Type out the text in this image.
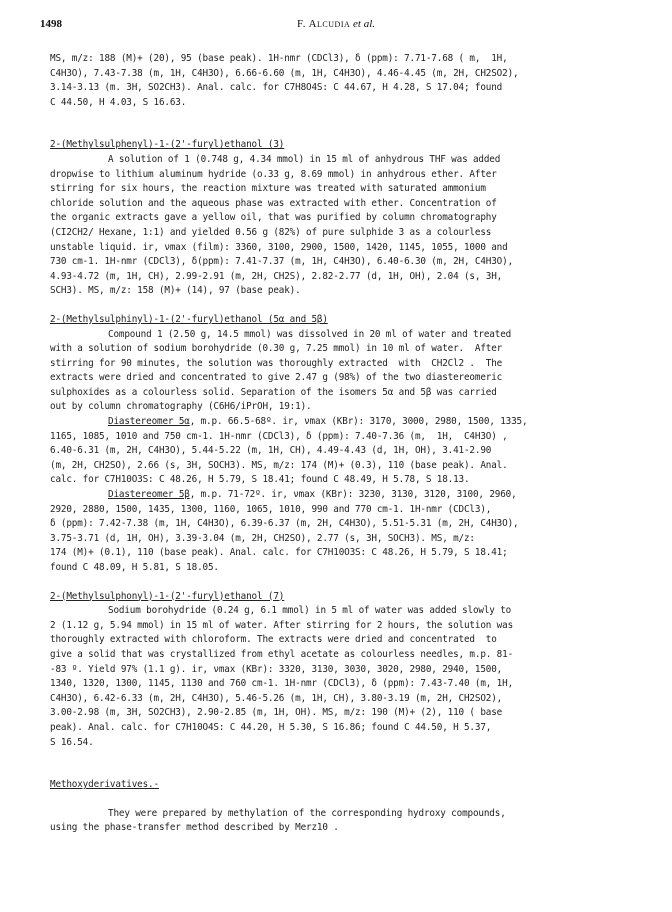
1498	F. Alcudia et al.

MS, m/z: 188 (M)+ (20), 95 (base peak). 1H-nmr (CDCl3), δ (ppm): 7.71-7.68 ( m,  1H,

C4H3O), 7.43-7.38 (m, 1H, C4H3O), 6.66-6.60 (m, 1H, C4H3O), 4.46-4.45 (m, 2H, CH2SO2),

3.14-3.13 (m. 3H, SO2CH3). Anal. calc. for C7H8O4S: C 44.67, H 4.28, S 17.04; found

C 44.50, H 4.03, S 16.63.

2-(Methylsulphenyl)-1-(2'-furyl)ethanol (3)

A solution of 1 (0.748 g, 4.34 mmol) in 15 ml of anhydrous THF was added

dropwise to lithium aluminum hydride (o.33 g, 8.69 mmol) in anhydrous ether. After

stirring for six hours, the reaction mixture was treated with saturated ammonium

chloride solution and the aqueous phase was extracted with ether. Concentration of

the organic extracts gave a yellow oil, that was purified by column chromatography

(CI2CH2/ Hexane, 1:1) and yielded 0.56 g (82%) of pure sulphide 3 as a colourless

unstable liquid. ir, νmax (film): 3360, 3100, 2900, 1500, 1420, 1145, 1055, 1000 and

730 cm-1. 1H-nmr (CDCl3), δ(ppm): 7.41-7.37 (m, 1H, C4H3O), 6.40-6.30 (m, 2H, C4H3O),

4.93-4.72 (m, 1H, CH), 2.99-2.91 (m, 2H, CH2S), 2.82-2.77 (d, 1H, OH), 2.04 (s, 3H,

SCH3). MS, m/z: 158 (M)+ (14), 97 (base peak).

2-(Methylsulphinyl)-1-(2'-furyl)ethanol (5α and 5β)

Compound 1 (2.50 g, 14.5 mmol) was dissolved in 20 ml of water and treated

with a solution of sodium borohydride (0.30 g, 7.25 mmol) in 10 ml of water.  After

stirring for 90 minutes, the solution was thoroughly extracted  with  CH2Cl2 .  The

extracts were dried and concentrated to give 2.47 g (98%) of the two diastereomeric

sulphoxides as a colourless solid. Separation of the isomers 5α and 5β was carried

out by column chromatography (C6H6/iPrOH, 19:1).

Diastereomer 5α, m.p. 66.5-68º. ir, νmax (KBr): 3170, 3000, 2980, 1500, 1335,

1165, 1085, 1010 and 750 cm-1. 1H-nmr (CDCl3), δ (ppm): 7.40-7.36 (m,  1H,  C4H3O) ,

6.40-6.31 (m, 2H, C4H3O), 5.44-5.22 (m, 1H, CH), 4.49-4.43 (d, 1H, OH), 3.41-2.90

(m, 2H, CH2SO), 2.66 (s, 3H, SOCH3). MS, m/z: 174 (M)+ (0.3), 110 (base peak). Anal.

calc. for C7H10O3S: C 48.26, H 5.79, S 18.41; found C 48.49, H 5.78, S 18.13.

Diastereomer 5β, m.p. 71-72º. ir, νmax (KBr): 3230, 3130, 3120, 3100, 2960,

2920, 2880, 1500, 1435, 1300, 1160, 1065, 1010, 990 and 770 cm-1. 1H-nmr (CDCl3),

δ (ppm): 7.42-7.38 (m, 1H, C4H3O), 6.39-6.37 (m, 2H, C4H3O), 5.51-5.31 (m, 2H, C4H3O),

3.75-3.71 (d, 1H, OH), 3.39-3.04 (m, 2H, CH2SO), 2.77 (s, 3H, SOCH3). MS, m/z:

174 (M)+ (0.1), 110 (base peak). Anal. calc. for C7H10O3S: C 48.26, H 5.79, S 18.41;

found C 48.09, H 5.81, S 18.05.

2-(Methylsulphonyl)-1-(2'-furyl)ethanol (7)

Sodium borohydride (0.24 g, 6.1 mmol) in 5 ml of water was added slowly to

2 (1.12 g, 5.94 mmol) in 15 ml of water. After stirring for 2 hours, the solution was

thoroughly extracted with chloroform. The extracts were dried and concentrated  to

give a solid that was crystallized from ethyl acetate as colourless needles, m.p. 81-

-83 º. Yield 97% (1.1 g). ir, νmax (KBr): 3320, 3130, 3030, 3020, 2980, 2940, 1500,

1340, 1320, 1300, 1145, 1130 and 760 cm-1. 1H-nmr (CDCl3), δ (ppm): 7.43-7.40 (m, 1H,

C4H3O), 6.42-6.33 (m, 2H, C4H3O), 5.46-5.26 (m, 1H, CH), 3.80-3.19 (m, 2H, CH2SO2),

3.00-2.98 (m, 3H, SO2CH3), 2.90-2.85 (m, 1H, OH). MS, m/z: 190 (M)+ (2), 110 ( base

peak). Anal. calc. for C7H10O4S: C 44.20, H 5.30, S 16.86; found C 44.50, H 5.37,

S 16.54.

Methoxyderivatives.-

They were prepared by methylation of the corresponding hydroxy compounds,

using the phase-transfer method described by Merz10 .
